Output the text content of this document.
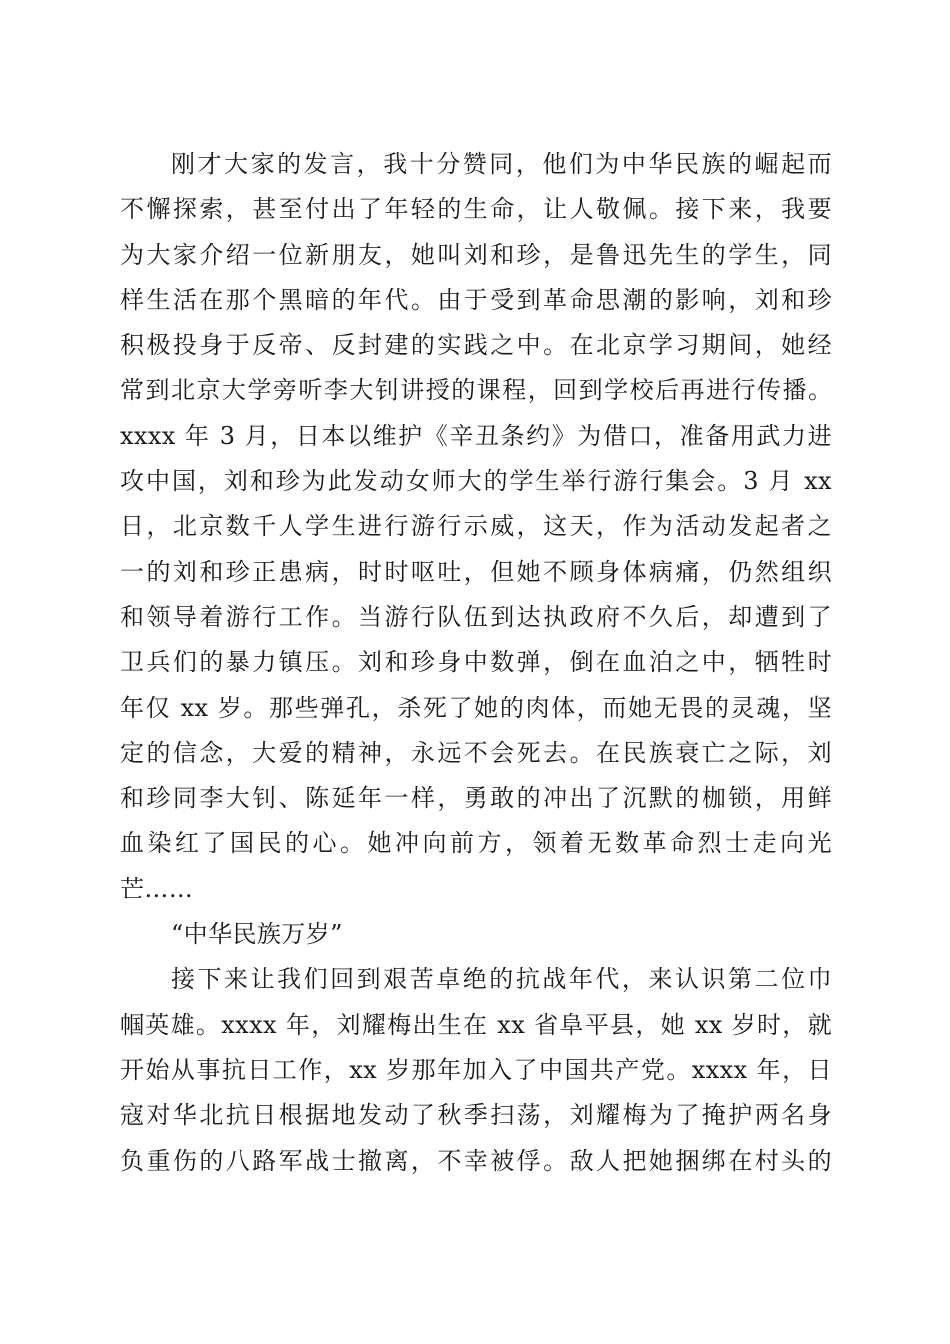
刚才大家的发言，我十分赞同，他们为中华民族的崛起而
不懈探索，甚至付出了年轻的生命，让人敬佩。接下来，我要
为大家介绍一位新朋友，她叫刘和珍，是鲁迅先生的学生，同
样生活在那个黑暗的年代。由于受到革命思潮的影响，刘和珍
积极投身于反帝、反封建的实践之中。在北京学习期间，她经
常到北京大学旁听李大钊讲授的课程，回到学校后再进行传播。
xxxx 年 3 月，日本以维护《辛丑条约》为借口，准备用武力进
攻中国，刘和珍为此发动女师大的学生举行游行集会。3 月 xx
日，北京数千人学生进行游行示威，这天，作为活动发起者之
一的刘和珍正患病，时时呕吐，但她不顾身体病痛，仍然组织
和领导着游行工作。当游行队伍到达执政府不久后，却遭到了
卫兵们的暴力镇压。刘和珍身中数弹，倒在血泊之中，牺牲时
年仅 xx 岁。那些弹孔，杀死了她的肉体，而她无畏的灵魂，坚
定的信念，大爱的精神，永远不会死去。在民族衰亡之际，刘
和珍同李大钊、陈延年一样，勇敢的冲出了沉默的枷锁，用鲜
血染红了国民的心。她冲向前方，领着无数革命烈士走向光
芒……
“中华民族万岁”
接下来让我们回到艰苦卓绝的抗战年代，来认识第二位巾
帼英雄。xxxx 年，刘耀梅出生在 xx 省阜平县，她 xx 岁时，就
开始从事抗日工作，xx 岁那年加入了中国共产党。xxxx 年，日
寇对华北抗日根据地发动了秋季扫荡，刘耀梅为了掩护两名身
负重伤的八路军战士撤离，不幸被俘。敌人把她捆绑在村头的
